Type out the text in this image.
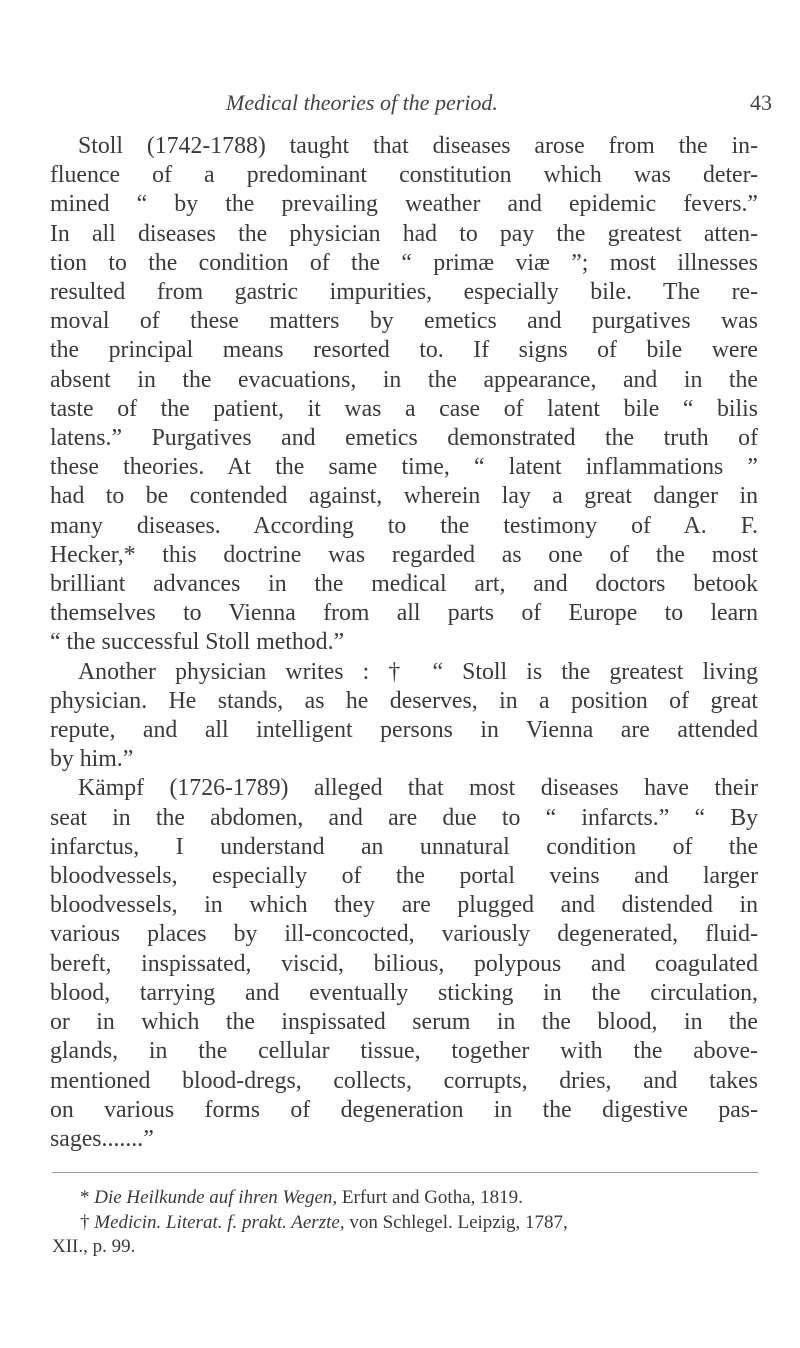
Medical theories of the period.	43
Stoll (1742-1788) taught that diseases arose from the in-
fluence of a predominant constitution which was deter-
mined “ by the prevailing weather and epidemic fevers.”
In all diseases the physician had to pay the greatest atten-
tion to the condition of the “ primæ viæ ”; most illnesses
resulted from gastric impurities, especially bile. The re-
moval of these matters by emetics and purgatives was
the principal means resorted to. If signs of bile were
absent in the evacuations, in the appearance, and in the
taste of the patient, it was a case of latent bile “ bilis
latens.” Purgatives and emetics demonstrated the truth of
these theories. At the same time, “ latent inflammations ”
had to be contended against, wherein lay a great danger in
many diseases. According to the testimony of A. F.
Hecker,* this doctrine was regarded as one of the most
brilliant advances in the medical art, and doctors betook
themselves to Vienna from all parts of Europe to learn
“ the successful Stoll method.”
Another physician writes : † “ Stoll is the greatest living
physician. He stands, as he deserves, in a position of great
repute, and all intelligent persons in Vienna are attended
by him.”
Kämpf (1726-1789) alleged that most diseases have their
seat in the abdomen, and are due to “ infarcts.” “ By
infarctus, I understand an unnatural condition of the
bloodvessels, especially of the portal veins and larger
bloodvessels, in which they are plugged and distended in
various places by ill-concocted, variously degenerated, fluid-
bereft, inspissated, viscid, bilious, polypous and coagulated
blood, tarrying and eventually sticking in the circulation,
or in which the inspissated serum in the blood, in the
glands, in the cellular tissue, together with the above-
mentioned blood-dregs, collects, corrupts, dries, and takes
on various forms of degeneration in the digestive pas-
sages.......”
* Die Heilkunde auf ihren Wegen, Erfurt and Gotha, 1819.
† Medicin. Literat. f. prakt. Aerzte, von Schlegel. Leipzig, 1787,
XII., p. 99.
